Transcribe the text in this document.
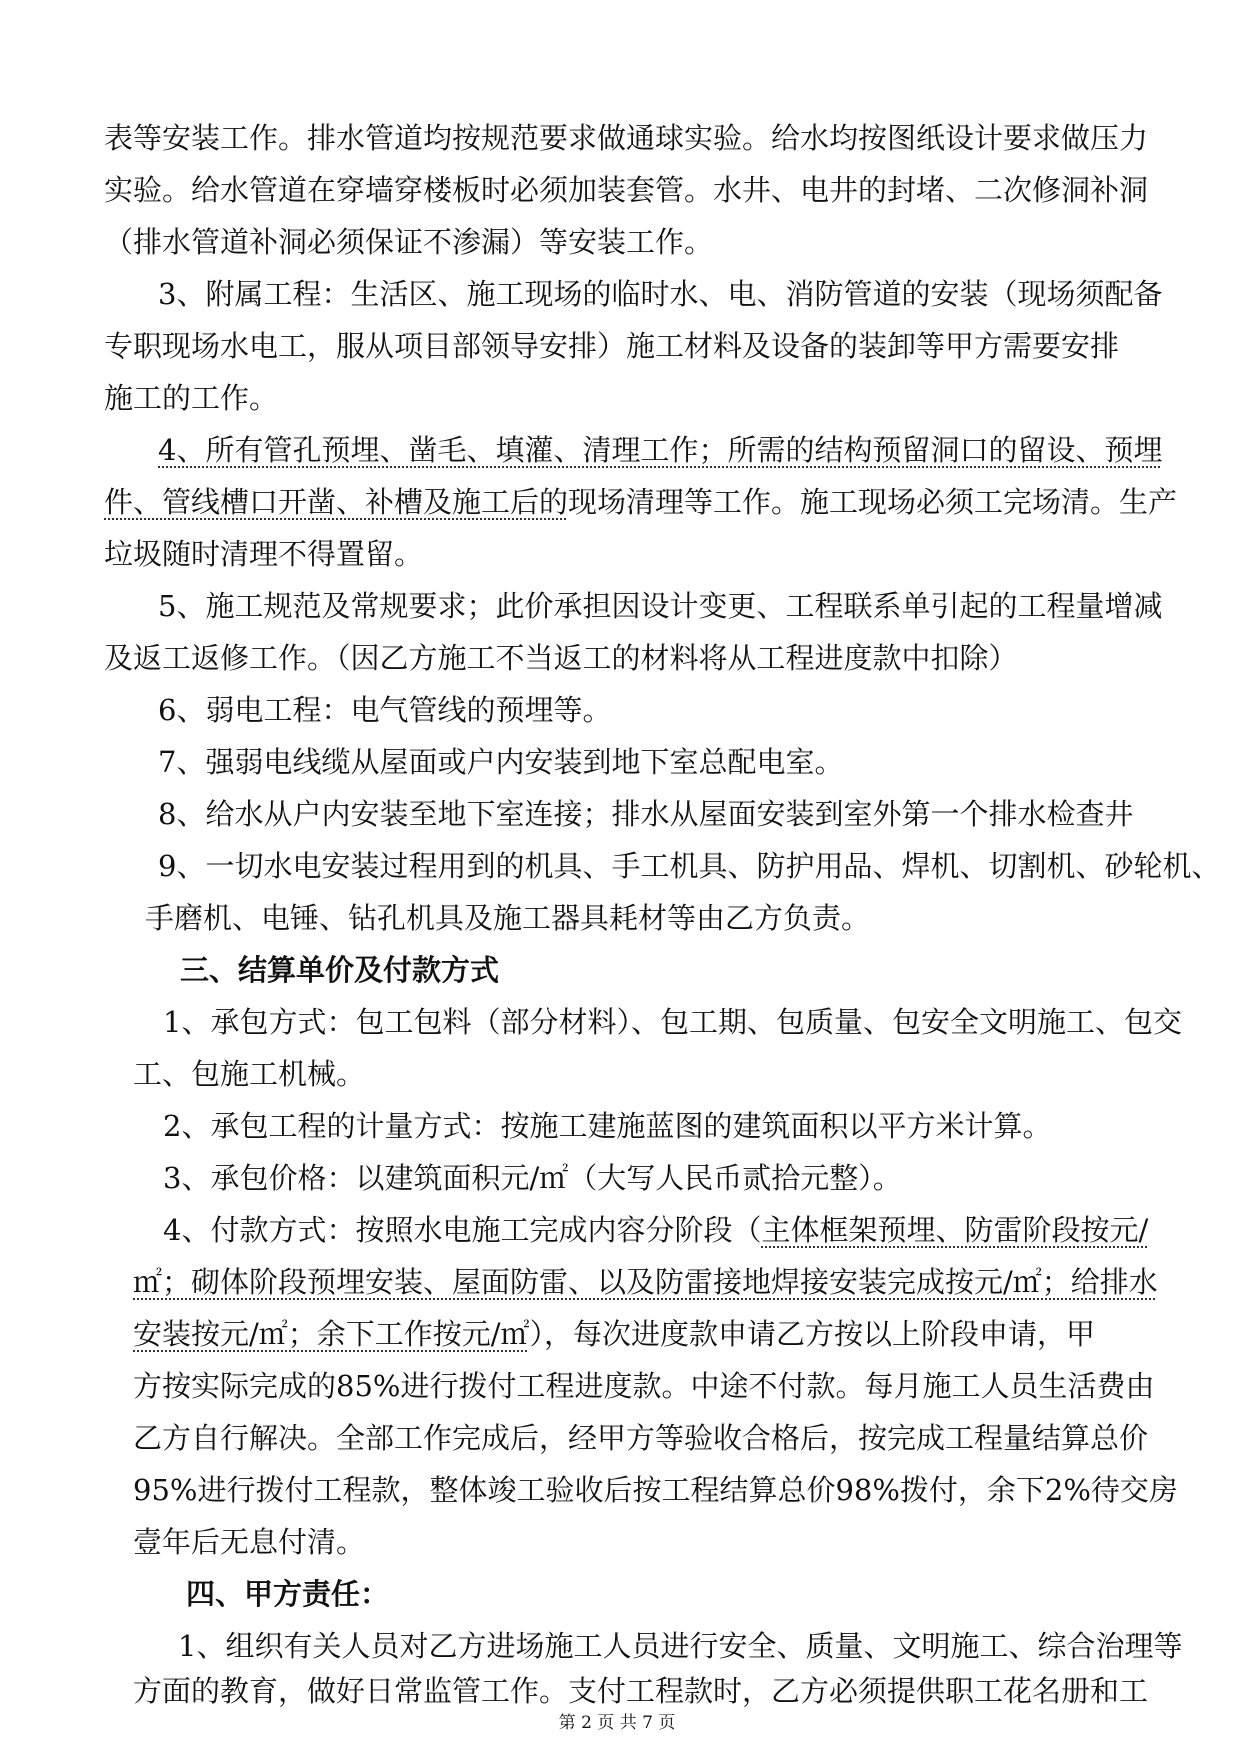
表等安装工作。排水管道均按规范要求做通球实验。给水均按图纸设计要求做压力
实验。给水管道在穿墙穿楼板时必须加装套管。水井、电井的封堵、二次修洞补洞
（排水管道补洞必须保证不渗漏）等安装工作。
3、附属工程：生活区、施工现场的临时水、电、消防管道的安装（现场须配备
专职现场水电工，服从项目部领导安排）施工材料及设备的装卸等甲方需要安排
施工的工作。
4、所有管孔预埋、凿毛、填灌、清理工作；所需的结构预留洞口的留设、预埋
件、管线槽口开凿、补槽及施工后的现场清理等工作。施工现场必须工完场清。生产
垃圾随时清理不得置留。
5、施工规范及常规要求；此价承担因设计变更、工程联系单引起的工程量增减
及返工返修工作。（因乙方施工不当返工的材料将从工程进度款中扣除）
6、弱电工程：电气管线的预埋等。
7、强弱电线缆从屋面或户内安装到地下室总配电室。
8、给水从户内安装至地下室连接；排水从屋面安装到室外第一个排水检查井
9、一切水电安装过程用到的机具、手工机具、防护用品、焊机、切割机、砂轮机、
手磨机、电锤、钻孔机具及施工器具耗材等由乙方负责。
三、结算单价及付款方式
1、承包方式：包工包料（部分材料）、包工期、包质量、包安全文明施工、包交
工、包施工机械。
2、承包工程的计量方式：按施工建施蓝图的建筑面积以平方米计算。
3、承包价格：以建筑面积元/㎡（大写人民币贰拾元整）。
4、付款方式：按照水电施工完成内容分阶段（主体框架预埋、防雷阶段按元/
㎡；砌体阶段预埋安装、屋面防雷、以及防雷接地焊接安装完成按元/㎡；给排水
安装按元/㎡；余下工作按元/㎡），每次进度款申请乙方按以上阶段申请，甲
方按实际完成的85%进行拨付工程进度款。中途不付款。每月施工人员生活费由
乙方自行解决。全部工作完成后，经甲方等验收合格后，按完成工程量结算总价
95%进行拨付工程款，整体竣工验收后按工程结算总价98%拨付，余下2%待交房
壹年后无息付清。
四、甲方责任：
1、组织有关人员对乙方进场施工人员进行安全、质量、文明施工、综合治理等
方面的教育，做好日常监管工作。支付工程款时，乙方必须提供职工花名册和工
第 2 页 共 7 页
